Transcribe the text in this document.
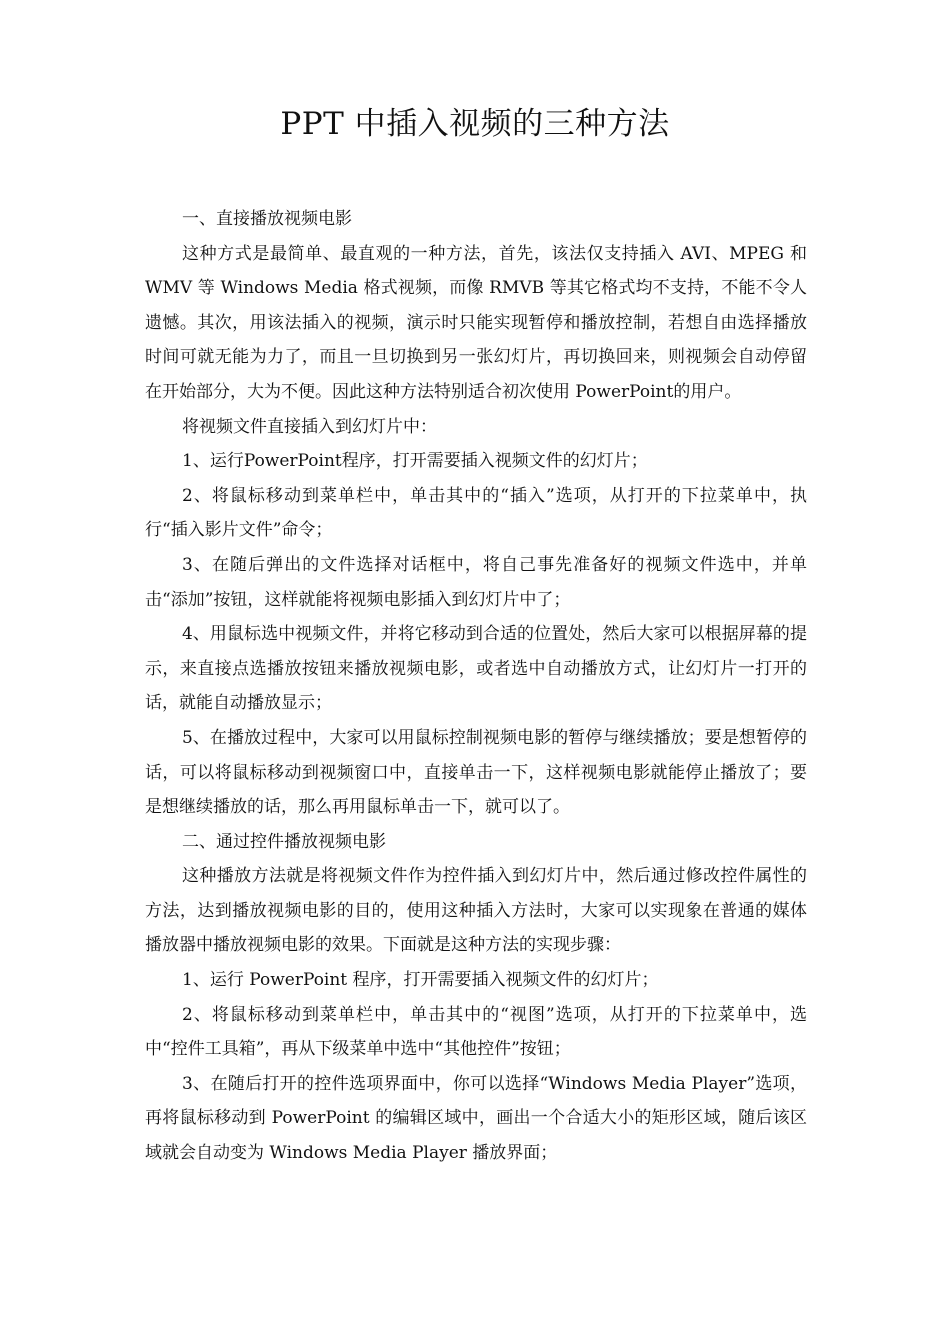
PPT 中插入视频的三种方法

一、直接播放视频电影

这种方式是最简单、最直观的一种方法，首先，该法仅支持插入 AVI、MPEG 和 WMV 等 Windows Media 格式视频，而像 RMVB 等其它格式均不支持，不能不令人遗憾。其次，用该法插入的视频，演示时只能实现暂停和播放控制，若想自由选择播放时间可就无能为力了，而且一旦切换到另一张幻灯片，再切换回来，则视频会自动停留在开始部分，大为不便。因此这种方法特别适合初次使用 PowerPoint的用户。

将视频文件直接插入到幻灯片中：

1、运行PowerPoint程序，打开需要插入视频文件的幻灯片；

2、将鼠标移动到菜单栏中，单击其中的“插入”选项，从打开的下拉菜单中，执行“插入影片文件”命令；

3、在随后弹出的文件选择对话框中，将自己事先准备好的视频文件选中，并单击“添加”按钮，这样就能将视频电影插入到幻灯片中了；

4、用鼠标选中视频文件，并将它移动到合适的位置处，然后大家可以根据屏幕的提示，来直接点选播放按钮来播放视频电影，或者选中自动播放方式，让幻灯片一打开的话，就能自动播放显示；

5、在播放过程中，大家可以用鼠标控制视频电影的暂停与继续播放；要是想暂停的话，可以将鼠标移动到视频窗口中，直接单击一下，这样视频电影就能停止播放了；要是想继续播放的话，那么再用鼠标单击一下，就可以了。

二、通过控件播放视频电影

这种播放方法就是将视频文件作为控件插入到幻灯片中，然后通过修改控件属性的方法，达到播放视频电影的目的，使用这种插入方法时，大家可以实现象在普通的媒体播放器中播放视频电影的效果。下面就是这种方法的实现步骤：

1、运行 PowerPoint 程序，打开需要插入视频文件的幻灯片；

2、将鼠标移动到菜单栏中，单击其中的“视图”选项，从打开的下拉菜单中，选中“控件工具箱”，再从下级菜单中选中“其他控件”按钮；

3、在随后打开的控件选项界面中，你可以选择“Windows Media Player”选项，再将鼠标移动到 PowerPoint 的编辑区域中，画出一个合适大小的矩形区域，随后该区域就会自动变为 Windows Media Player 播放界面；
